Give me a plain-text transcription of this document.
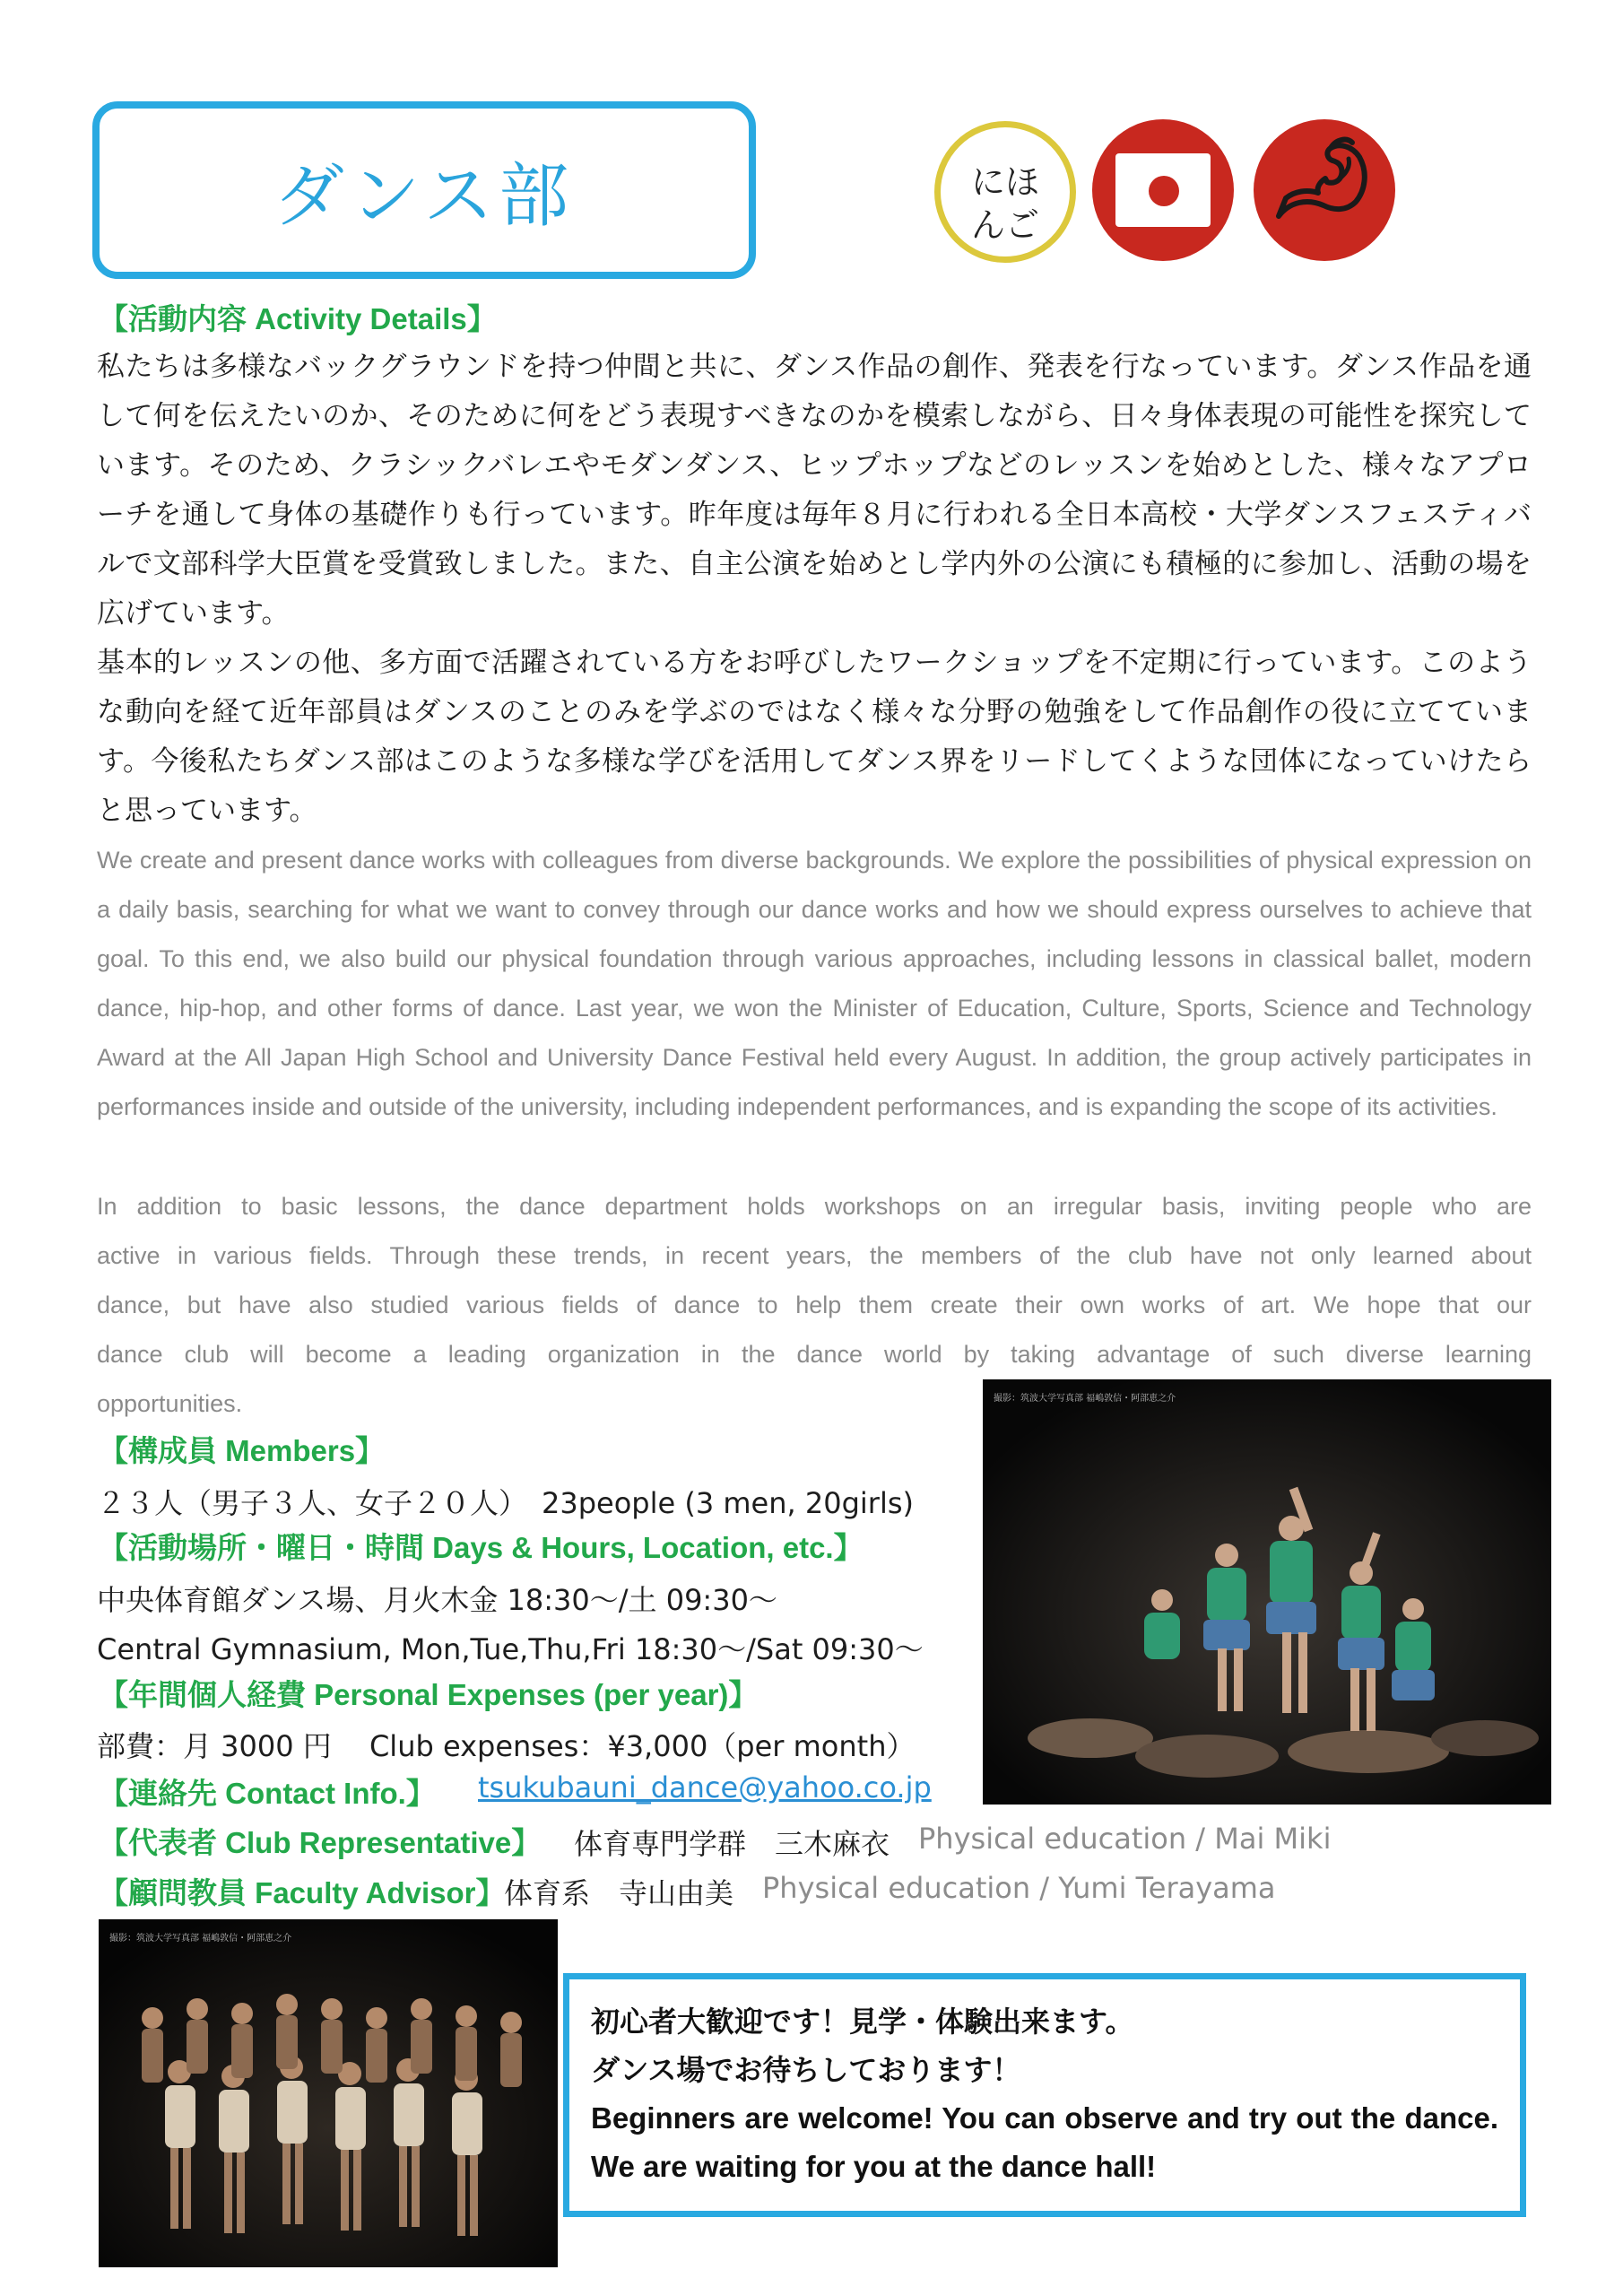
ダンス部	にほ
んご
【活動内容 Activity Details】
私たちは多様なバックグラウンドを持つ仲間と共に、ダンス作品の創作、発表を行なっています。ダンス作品を通して何を伝えたいのか、そのために何をどう表現すべきなのかを模索しながら、日々身体表現の可能性を探究しています。そのため、クラシックバレエやモダンダンス、ヒップホップなどのレッスンを始めとした、様々なアプローチを通して身体の基礎作りも行っています。昨年度は毎年８月に行われる全日本高校・大学ダンスフェスティバルで文部科学大臣賞を受賞致しました。また、自主公演を始めとし学内外の公演にも積極的に参加し、活動の場を広げています。
基本的レッスンの他、多方面で活躍されている方をお呼びしたワークショップを不定期に行っています。このような動向を経て近年部員はダンスのことのみを学ぶのではなく様々な分野の勉強をして作品創作の役に立てています。今後私たちダンス部はこのような多様な学びを活用してダンス界をリードしてくような団体になっていけたらと思っています。
We create and present dance works with colleagues from diverse backgrounds. We explore the possibilities of physical expression on a daily basis, searching for what we want to convey through our dance works and how we should express ourselves to achieve that goal. To this end, we also build our physical foundation through various approaches, including lessons in classical ballet, modern dance, hip-hop, and other forms of dance. Last year, we won the Minister of Education, Culture, Sports, Science and Technology Award at the All Japan High School and University Dance Festival held every August. In addition, the group actively participates in performances inside and outside of the university, including independent performances, and is expanding the scope of its activities.
In addition to basic lessons, the dance department holds workshops on an irregular basis, inviting people who are
active in various fields. Through these trends, in recent years, the members of the club have not only learned about
dance, but have also studied various fields of dance to help them create their own works of art. We hope that our
dance club will become a leading organization in the dance world by taking advantage of such diverse learning
opportunities.
【構成員 Members】
２３人（男子３人、女子２０人）　23people (3 men, 20girls)
【活動場所・曜日・時間 Days & Hours, Location, etc.】
中央体育館ダンス場、月火木金 18:30～/土 09:30～
Central Gymnasium, Mon,Tue,Thu,Fri 18:30～/Sat 09:30～
【年間個人経費 Personal Expenses (per year)】
部費：月 3000 円　 Club expenses：¥3,000（per month）
【連絡先 Contact Info.】 tsukubauni_dance@yahoo.co.jp
【代表者 Club Representative】 体育専門学群　三木麻衣 Physical education / Mai Miki
【顧問教員 Faculty Advisor】
体育系　寺山由美 Physical education / Yumi Terayama
撮影：筑波大学写真部 福嶋敦信・阿部恵之介
撮影：筑波大学写真部 福嶋敦信・阿部恵之介
初心者大歓迎です！見学・体験出来ます。
ダンス場でお待ちしております！
Beginners are welcome! You can observe and try out the dance. We are waiting for you at the dance hall!
